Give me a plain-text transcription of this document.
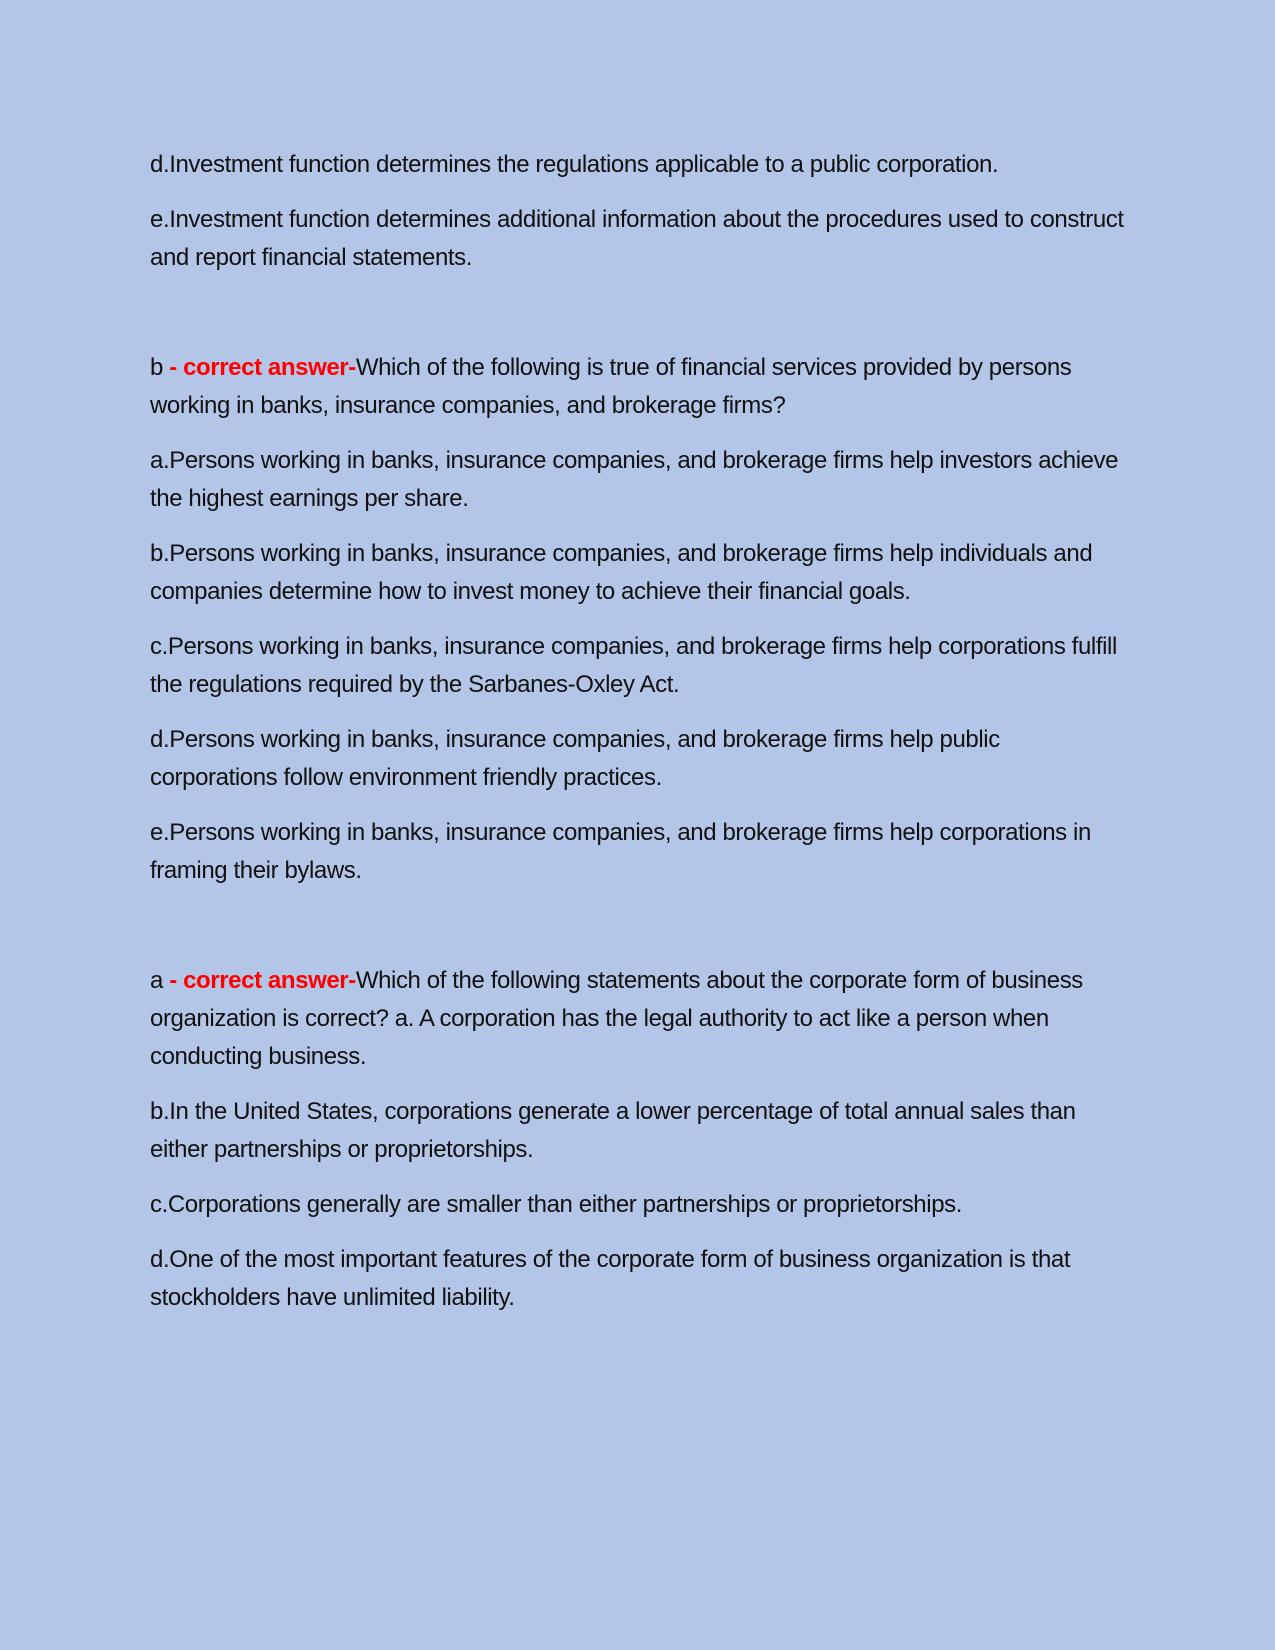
d.Investment function determines the regulations applicable to a public corporation.

e.Investment function determines additional information about the procedures used to construct and report financial statements.

b - correct answer-Which of the following is true of financial services provided by persons working in banks, insurance companies, and brokerage firms?

a.Persons working in banks, insurance companies, and brokerage firms help investors achieve the highest earnings per share.

b.Persons working in banks, insurance companies, and brokerage firms help individuals and companies determine how to invest money to achieve their financial goals.

c.Persons working in banks, insurance companies, and brokerage firms help corporations fulfill the regulations required by the Sarbanes-Oxley Act.

d.Persons working in banks, insurance companies, and brokerage firms help public corporations follow environment friendly practices.

e.Persons working in banks, insurance companies, and brokerage firms help corporations in framing their bylaws.

a - correct answer-Which of the following statements about the corporate form of business organization is correct? a. A corporation has the legal authority to act like a person when conducting business.

b.In the United States, corporations generate a lower percentage of total annual sales than either partnerships or proprietorships.

c.Corporations generally are smaller than either partnerships or proprietorships.

d.One of the most important features of the corporate form of business organization is that stockholders have unlimited liability.
